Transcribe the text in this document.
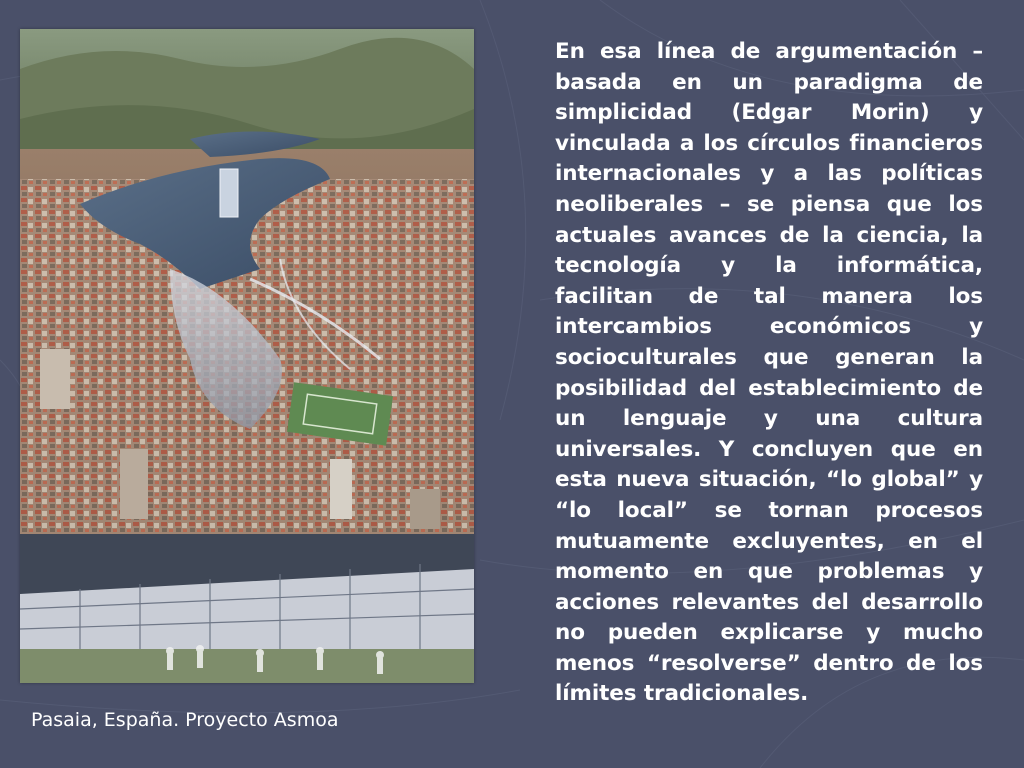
Pasaia, España. Proyecto Asmoa
En esa línea de argumentación – basada en un paradigma de simplicidad (Edgar Morin) y vinculada a los círculos financieros internacionales y a las políticas neoliberales – se piensa que los actuales avances de la ciencia, la tecnología y la informática, facilitan de tal manera los intercambios económicos y socioculturales que generan la posibilidad del establecimiento de un lenguaje y una cultura universales. Y concluyen que en esta nueva situación, “lo global” y “lo local” se tornan procesos mutuamente excluyentes, en el momento en que problemas y acciones relevantes del desarrollo no pueden explicarse y mucho menos “resolverse” dentro de los límites tradicionales.
